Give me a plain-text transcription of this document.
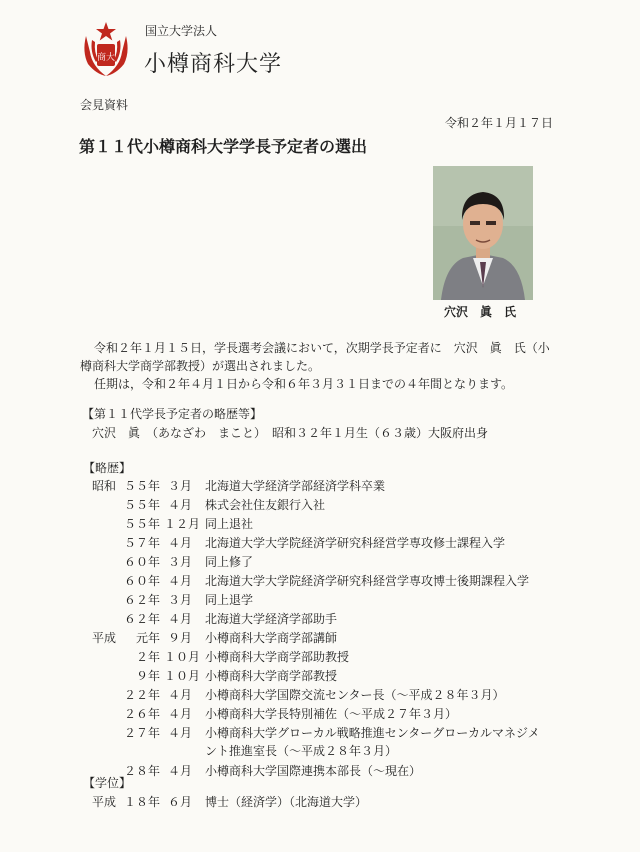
商大
国立大学法人
小樽商科大学
会見資料
令和２年１月１７日
第１１代小樽商科大学学長予定者の選出
穴沢　眞　氏
令和２年１月１５日，学長選考会議において，次期学長予定者に　穴沢　眞　氏（小
樽商科大学商学部教授）が選出されました。
任期は，令和２年４月１日から令和６年３月３１日までの４年間となります。
【第１１代学長予定者の略歴等】
穴沢　眞　（あなざわ　まこと）　昭和３２年１月生（６３歳）大阪府出身
【略歴】
昭和 ５５年 ３月 北海道大学経済学部経済学科卒業
５５年 ４月 株式会社住友銀行入社
５５年 １２月 同上退社
５７年 ４月 北海道大学大学院経済学研究科経営学専攻修士課程入学
６０年 ３月 同上修了
６０年 ４月 北海道大学大学院経済学研究科経営学専攻博士後期課程入学
６２年 ３月 同上退学
６２年 ４月 北海道大学経済学部助手
平成	元年 ９月 小樽商科大学商学部講師
２年 １０月 小樽商科大学商学部助教授
９年 １０月 小樽商科大学商学部教授
２２年 ４月 小樽商科大学国際交流センター長（～平成２８年３月）
２６年 ４月 小樽商科大学長特別補佐（～平成２７年３月）
２７年 ４月 小樽商科大学グローカル戦略推進センターグローカルマネジメ
ント推進室長（～平成２８年３月）
２８年 ４月 小樽商科大学国際連携本部長（～現在）
【学位】
平成 １８年 ６月 博士（経済学）（北海道大学）
